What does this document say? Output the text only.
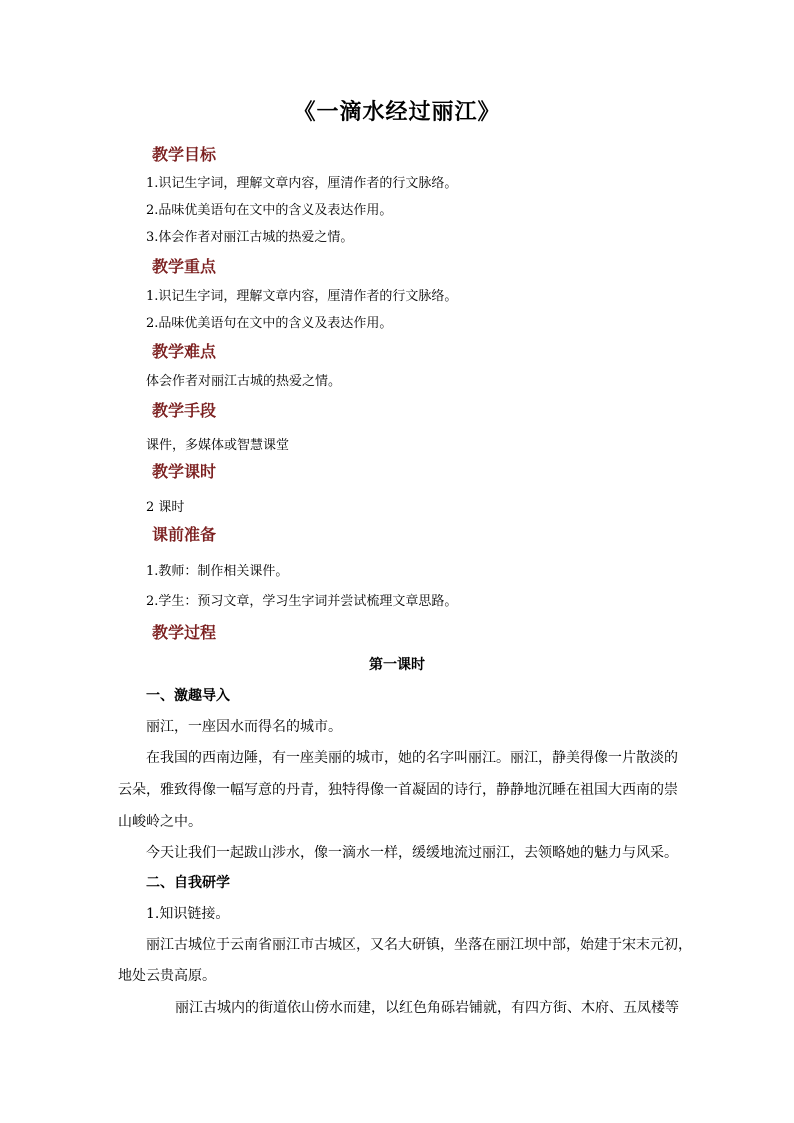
《一滴水经过丽江》
教学目标
1.识记生字词，理解文章内容，厘清作者的行文脉络。
2.品味优美语句在文中的含义及表达作用。
3.体会作者对丽江古城的热爱之情。
教学重点
1.识记生字词，理解文章内容，厘清作者的行文脉络。
2.品味优美语句在文中的含义及表达作用。
教学难点
体会作者对丽江古城的热爱之情。
教学手段
课件，多媒体或智慧课堂
教学课时
2 课时
课前准备
1.教师：制作相关课件。
2.学生：预习文章，学习生字词并尝试梳理文章思路。
教学过程
第一课时
一、激趣导入
丽江，一座因水而得名的城市。
在我国的西南边陲，有一座美丽的城市，她的名字叫丽江。丽江，静美得像一片散淡的
云朵，雅致得像一幅写意的丹青，独特得像一首凝固的诗行，静静地沉睡在祖国大西南的崇
山峻岭之中。
今天让我们一起跋山涉水，像一滴水一样，缓缓地流过丽江，去领略她的魅力与风采。
二、自我研学
1.知识链接。
丽江古城位于云南省丽江市古城区，又名大研镇，坐落在丽江坝中部，始建于宋末元初，
地处云贵高原。
丽江古城内的街道依山傍水而建，以红色角砾岩铺就，有四方街、木府、五凤楼等
